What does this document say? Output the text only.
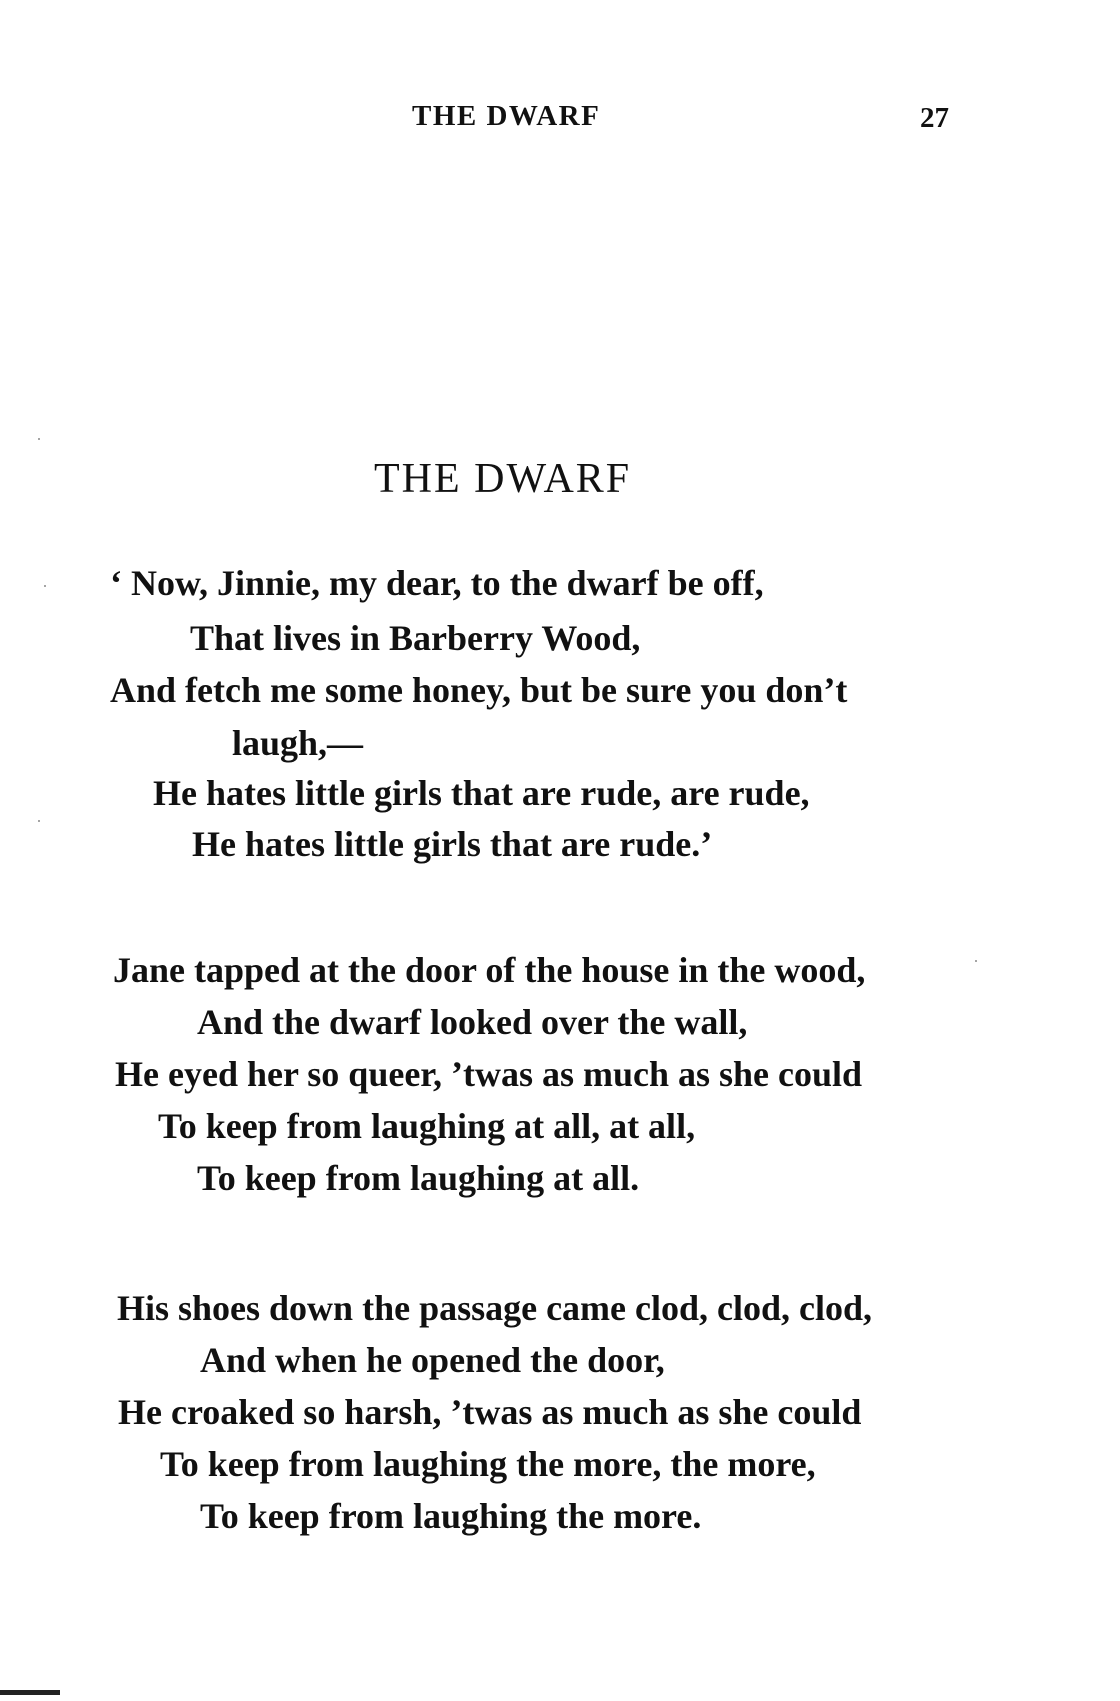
THE DWARF	27
THE DWARF
‘ Now, Jinnie, my dear, to the dwarf be off,
That lives in Barberry Wood,
And fetch me some honey, but be sure you don’t
laugh,—
He hates little girls that are rude, are rude,
He hates little girls that are rude.’
Jane tapped at the door of the house in the wood,
And the dwarf looked over the wall,
He eyed her so queer, ’twas as much as she could
To keep from laughing at all, at all,
To keep from laughing at all.
His shoes down the passage came clod, clod, clod,
And when he opened the door,
He croaked so harsh, ’twas as much as she could
To keep from laughing the more, the more,
To keep from laughing the more.
